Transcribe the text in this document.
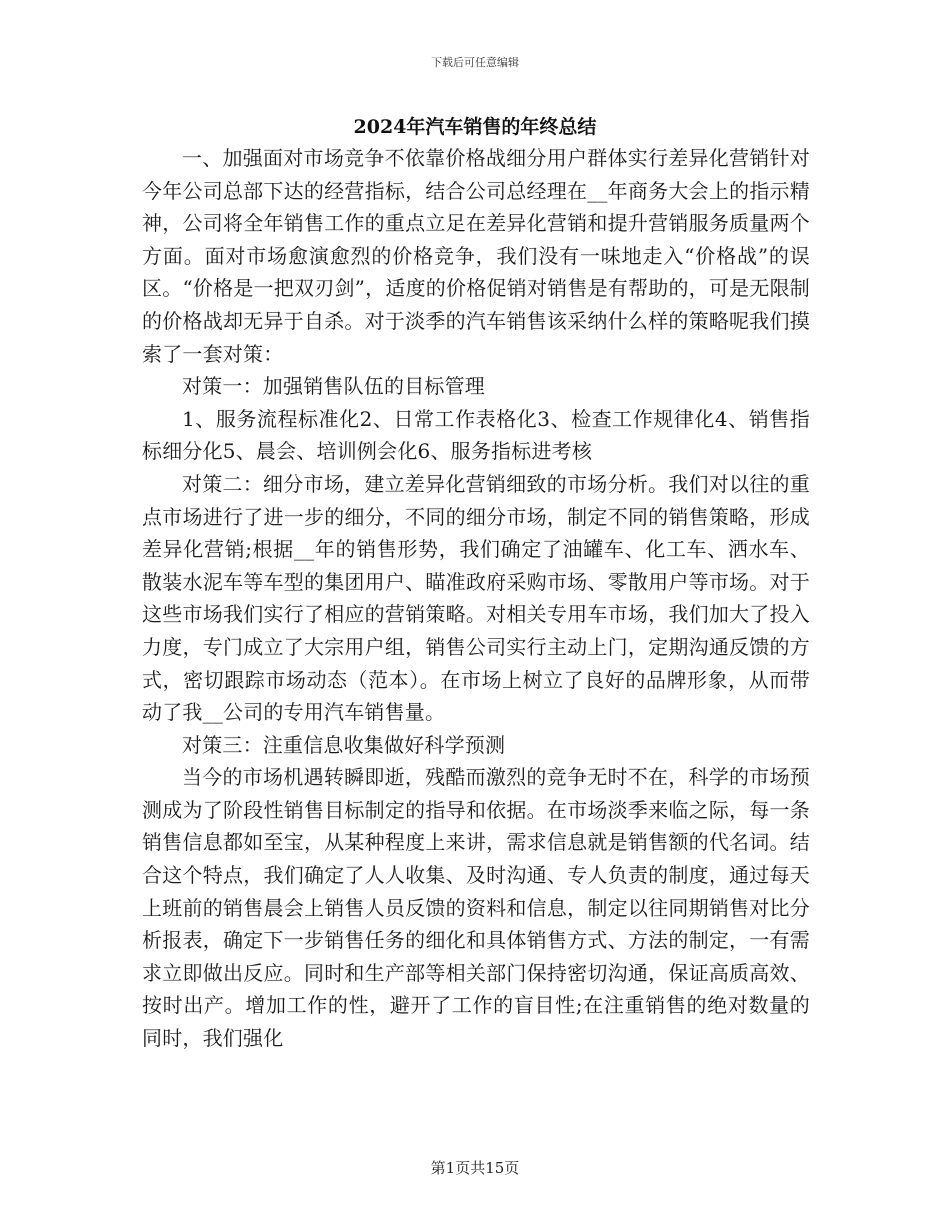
下载后可任意编辑
2024年汽车销售的年终总结

一、加强面对市场竞争不依靠价格战细分用户群体实行差异化营销针对今年公司总部下达的经营指标，结合公司总经理在__年商务大会上的指示精神，公司将全年销售工作的重点立足在差异化营销和提升营销服务质量两个方面。面对市场愈演愈烈的价格竞争，我们没有一味地走入“价格战”的误区。“价格是一把双刃剑”，适度的价格促销对销售是有帮助的，可是无限制的价格战却无异于自杀。对于淡季的汽车销售该采纳什么样的策略呢我们摸索了一套对策：

对策一：加强销售队伍的目标管理

1、服务流程标准化2、日常工作表格化3、检查工作规律化4、销售指标细分化5、晨会、培训例会化6、服务指标进考核

对策二：细分市场，建立差异化营销细致的市场分析。我们对以往的重点市场进行了进一步的细分，不同的细分市场，制定不同的销售策略，形成差异化营销;根据__年的销售形势，我们确定了油罐车、化工车、洒水车、散装水泥车等车型的集团用户、瞄准政府采购市场、零散用户等市场。对于这些市场我们实行了相应的营销策略。对相关专用车市场，我们加大了投入力度，专门成立了大宗用户组，销售公司实行主动上门，定期沟通反馈的方式，密切跟踪市场动态（范本）。在市场上树立了良好的品牌形象，从而带动了我__公司的专用汽车销售量。

对策三：注重信息收集做好科学预测

当今的市场机遇转瞬即逝，残酷而激烈的竞争无时不在，科学的市场预测成为了阶段性销售目标制定的指导和依据。在市场淡季来临之际，每一条销售信息都如至宝，从某种程度上来讲，需求信息就是销售额的代名词。结合这个特点，我们确定了人人收集、及时沟通、专人负责的制度，通过每天上班前的销售晨会上销售人员反馈的资料和信息，制定以往同期销售对比分析报表，确定下一步销售任务的细化和具体销售方式、方法的制定，一有需求立即做出反应。同时和生产部等相关部门保持密切沟通，保证高质高效、按时出产。增加工作的性，避开了工作的盲目性;在注重销售的绝对数量的同时，我们强化

第1页共15页
